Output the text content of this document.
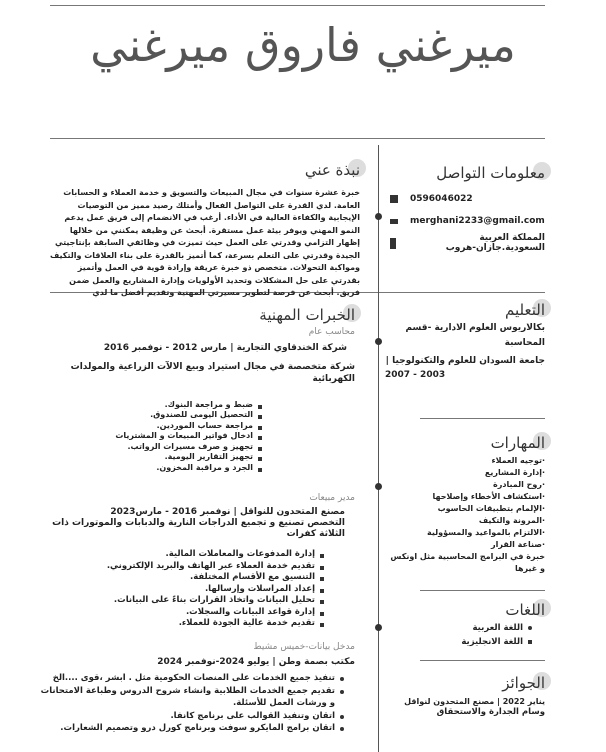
ميرغني فاروق ميرغني
معلومات التواصل
0596046022
merghani2233@gmail.com
المملكة العربية السعودية.جازان-هروب
نبذة عني
خبرة عشرة سنوات في مجال المبيعات والتسويق و خدمة العملاء و الحسابات العامة. لدي القدرة على التواصل الفعال وأمتلك رصيد مميز من التوصيات الإيجابية والكفاءة العالية في الأداء. أرغب في الانضمام إلى فريق عمل يدعم النمو المهني ويوفر بيئة عمل مستقرة. أبحث عن وظيفة يمكنني من خلالها إظهار التزامي وقدرتي على العمل حيث تميزت في وظائفي السابقة بإنتاجيتي الجيدة وقدرتي على التعلم بسرعة، كما أتميز بالقدرة على بناء العلاقات والتكيف ومواكبة التحولات. متخصص ذو خبرة عريقة وإرادة قوية في العمل وأتميز بقدرتي على حل المشكلات وتحديد الأولويات وإدارة المشاريع والعمل ضمن فريق. أبحث عن فرصة لتطوير مسيرتي المهنية وتقديم أفضل ما لدي
التعليم
بكالاريوس العلوم الادارية -قسم المحاسبة
جامعة السودان للعلوم والتكنولوجيا |
2007 - 2003
المهارات
·توجيه العملاء
·إدارة المشاريع
·روح المبادرة
·استكشاف الأخطاء وإصلاحها
·الإلمام بتطبيقات الحاسوب
·المرونة والتكيف
·الالتزام بالمواعيد والمسؤولية
·صناعة القرار
خبرة في البرامج المحاسبية مثل اونكس و غيرها
اللغات
اللغة العربية
اللغة الانجليزية
الجوائز
يناير 2022 | مصنع المتحدون لنواقل
وسام الجدارة والاستحقاق
الخبرات المهنية
محاسب عام
شركة الخندقاوي التجارية | مارس 2012 - نوفمبر 2016
شركة متخصصة في مجال استيراد وبيع الالآت الزراعية والمولدات الكهربائية
ضبط و مراجعة البنوك.
التحصيل اليومى للصندوق.
مراجعة حساب الموردين.
ادخال فواتير المبيعات و المشتريات
تجهيز و صرف مسيرات الرواتب.
تجهيز التقارير اليومية.
الجرد و مراقبة المخزون.
مدير مبيعات
مصنع المتحدون للنواقل | نوفمبر 2016 - مارس2023
التخصص تصنيع و تجميع الدراجات النارية والدبابات والموتورات ذات الثلاثة كفرات
إدارة المدفوعات والمعاملات المالية.
تقديم خدمة العملاء عبر الهاتف والبريد الإلكتروني.
التنسيق مع الأقسام المختلفة.
إعداد المراسلات وإرسالها.
تحليل البيانات واتخاذ القرارات بناءً على البيانات.
إدارة قواعد البيانات والسجلات.
تقديم خدمة عالية الجودة للعملاء.
مدخل بيانات-خميس مشيط
مكتب بصمة وطن | يوليو 2024-نوفمبر 2024
تنفيذ جميع الخدمات على المنصات الحكومية مثل . ابشر ،قوى ....الخ
تقديم جميع الخدمات الطلابية وانشاء شروح الدروس وطباعة الامتحانات و ورشات العمل للأسئلة.
اتقان وتنفيذ القوالب على برنامج كانفا.
اتقان برامج المايكرو سوفت وبرنامج كورل درو وتصميم الشعارات.
